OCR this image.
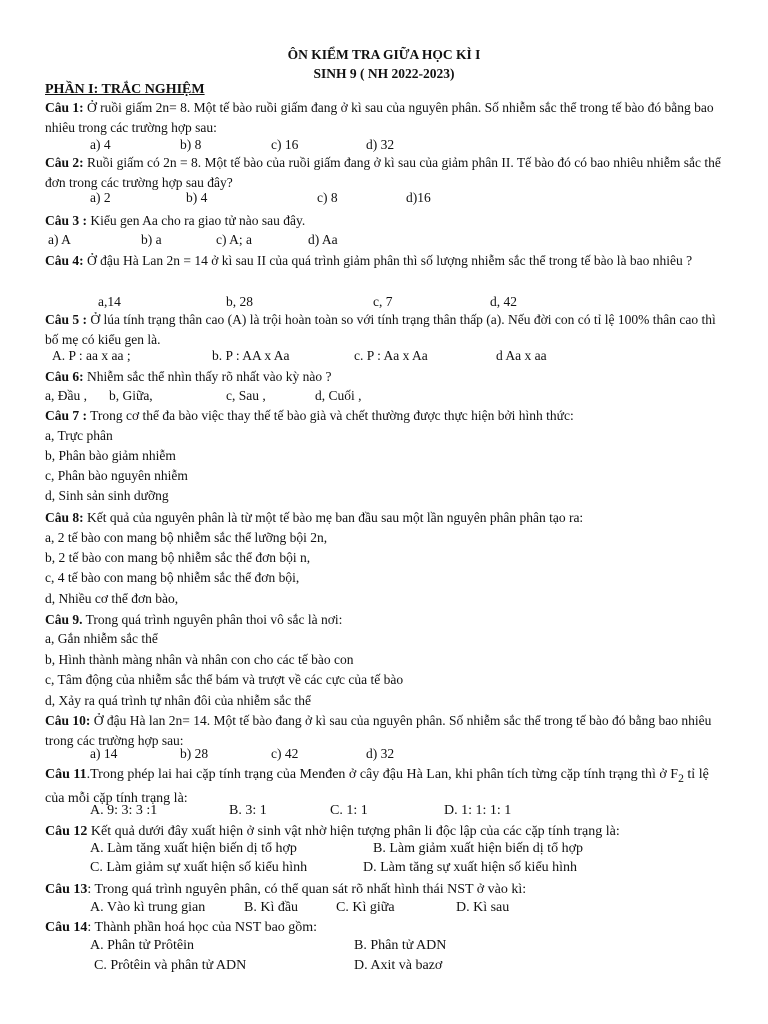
ÔN KIỂM TRA GIỮA HỌC KÌ I
SINH 9 ( NH 2022-2023)
PHẦN I: TRẮC NGHIỆM
Câu 1: Ở ruồi giấm 2n= 8. Một tế bào ruồi giấm đang ở kì sau của nguyên phân. Số nhiễm sắc thể trong tế bào đó bằng bao nhiêu trong các trường hợp sau:
a) 4	b) 8	c) 16	d) 32
Câu 2: Ruồi giấm có 2n = 8. Một tế bào của ruồi giấm đang ở kì sau của giảm phân II. Tế bào đó có bao nhiêu nhiễm sắc thể đơn trong các trường hợp sau đây?
a) 2	b) 4	c) 8	d)16
Câu 3 : Kiểu gen Aa cho ra giao tử nào sau đây.
a) A	b) a	c) A; a	d) Aa
Câu 4: Ở đậu Hà Lan 2n = 14 ở kì sau II của quá trình giảm phân thì số lượng nhiễm sắc thể trong tế bào là bao nhiêu ?
a,14	b, 28	c, 7	d, 42
Câu 5 : Ở lúa tính trạng thân cao (A) là trội hoàn toàn so với tính trạng thân thấp (a). Nếu đời con có tỉ lệ 100% thân cao thì bố mẹ có kiểu gen là.
A. P : aa x aa ;	b. P : AA x Aa	c. P : Aa x Aa	d Aa x aa
Câu 6: Nhiễm sắc thể nhìn thấy rõ nhất vào kỳ nào ?
a, Đầu , b, Giữa,	c, Sau ,	d, Cuối ,
Câu 7 : Trong cơ thể đa bào việc thay thế tế bào già và chết thường được thực hiện bởi hình thức:
a, Trực phân
b, Phân bào giảm nhiễm
c, Phân bào nguyên nhiễm
d, Sinh sản sinh dưỡng
Câu 8: Kết quả của nguyên phân là từ một tế bào mẹ ban đầu sau một lần nguyên phân phân tạo ra:
a, 2 tế bào con mang bộ nhiễm sắc thể lưỡng bội 2n,
b, 2 tế bào con mang bộ nhiễm sắc thể đơn bội n,
c, 4 tế bào con mang bộ nhiễm sắc thể đơn bội,
d, Nhiều cơ thể đơn bào,
Câu 9. Trong quá trình nguyên phân thoi vô sắc là nơi:
a, Gắn nhiễm sắc thể
b, Hình thành màng nhân và nhân con cho các tế bào con
c, Tâm động của nhiễm sắc thể bám và trượt về các cực của tế bào
d, Xảy ra quá trình tự nhân đôi của nhiễm sắc thể
Câu 10: Ở đậu Hà lan 2n= 14. Một tế bào đang ở kì sau của nguyên phân. Số nhiễm sắc thể trong tế bào đó bằng bao nhiêu trong các trường hợp sau:
a) 14	b) 28	c) 42	d) 32
Câu 11.Trong phép lai hai cặp tính trạng của Menđen ở cây đậu Hà Lan, khi phân tích từng cặp tính trạng thì ở $F_2$ tỉ lệ của mỗi cặp tính trạng là:
A. 9: 3: 3 :1	B. 3: 1	C. 1: 1	D. 1: 1: 1: 1
Câu 12 Kết quả dưới đây xuất hiện ở sinh vật nhờ hiện tượng phân li độc lập của các cặp tính trạng là:
A. Làm tăng xuất hiện biến dị tổ hợp	B. Làm giảm xuất hiện biến dị tổ hợp
C. Làm giảm sự xuất hiện số kiểu hình	D. Làm tăng sự xuất hiện số kiểu hình
Câu 13: Trong quá trình nguyên phân, có thể quan sát rõ nhất hình thái NST ở vào kì:
A. Vào kì trung gian	B. Kì đầu	C. Kì giữa	D. Kì sau
Câu 14: Thành phần hoá học của NST bao gồm:
A. Phân tử Prôtêin	B. Phân tử ADN
C. Prôtêin và phân tử ADN	D. Axit và bazơ
